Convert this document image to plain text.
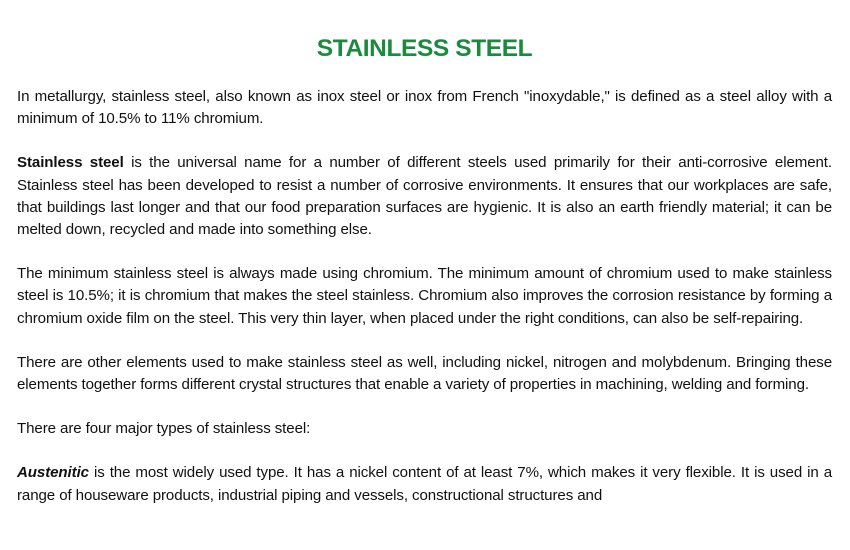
STAINLESS STEEL

In metallurgy, stainless steel, also known as inox steel or inox from French "inoxydable," is defined as a steel alloy with a minimum of 10.5% to 11% chromium.

Stainless steel is the universal name for a number of different steels used primarily for their anti-corrosive element. Stainless steel has been developed to resist a number of corrosive environments. It ensures that our workplaces are safe, that buildings last longer and that our food preparation surfaces are hygienic. It is also an earth friendly material; it can be melted down, recycled and made into something else.

The minimum stainless steel is always made using chromium. The minimum amount of chromium used to make stainless steel is 10.5%; it is chromium that makes the steel stainless. Chromium also improves the corrosion resistance by forming a chromium oxide film on the steel. This very thin layer, when placed under the right conditions, can also be self-repairing.

There are other elements used to make stainless steel as well, including nickel, nitrogen and molybdenum. Bringing these elements together forms different crystal structures that enable a variety of properties in machining, welding and forming.

There are four major types of stainless steel:

Austenitic is the most widely used type. It has a nickel content of at least 7%, which makes it very flexible. It is used in a range of houseware products, industrial piping and vessels, constructional structures and
